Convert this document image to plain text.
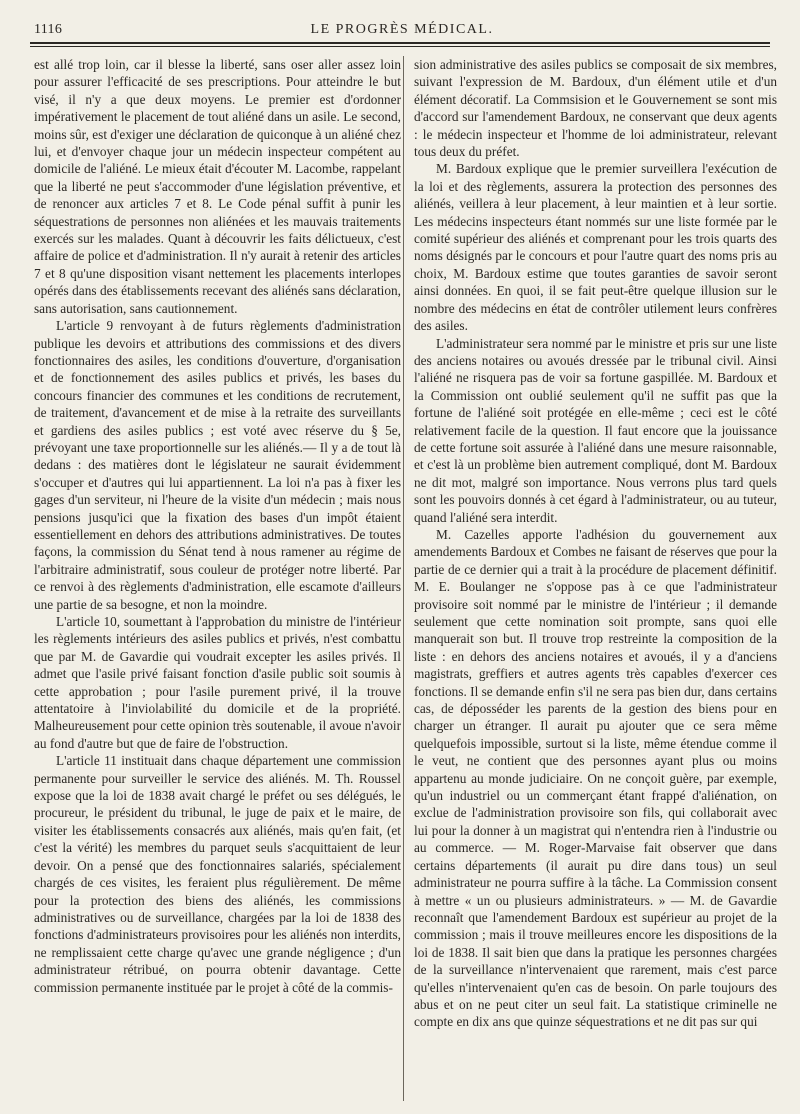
1116	LE PROGRÈS MÉDICAL.

est allé trop loin, car il blesse la liberté, sans oser aller assez loin pour assurer l'efficacité de ses prescriptions. Pour atteindre le but visé, il n'y a que deux moyens. Le premier est d'ordonner impérativement le placement de tout aliéné dans un asile. Le second, moins sûr, est d'exiger une déclaration de quiconque à un aliéné chez lui, et d'envoyer chaque jour un médecin inspecteur compétent au domicile de l'aliéné. Le mieux était d'écouter M. Lacombe, rappelant que la liberté ne peut s'accommoder d'une législation préventive, et de renoncer aux articles 7 et 8. Le Code pénal suffit à punir les séquestrations de personnes non aliénées et les mauvais traitements exercés sur les malades. Quant à découvrir les faits délictueux, c'est affaire de police et d'administration. Il n'y aurait à retenir des articles 7 et 8 qu'une disposition visant nettement les placements interlopes opérés dans des établissements recevant des aliénés sans déclaration, sans autorisation, sans cautionnement.

L'article 9 renvoyant à de futurs règlements d'administration publique les devoirs et attributions des commissions et des divers fonctionnaires des asiles, les conditions d'ouverture, d'organisation et de fonctionnement des asiles publics et privés, les bases du concours financier des communes et les conditions de recrutement, de traitement, d'avancement et de mise à la retraite des surveillants et gardiens des asiles publics ; est voté avec réserve du § 5e, prévoyant une taxe proportionnelle sur les aliénés.— Il y a de tout là dedans : des matières dont le législateur ne saurait évidemment s'occuper et d'autres qui lui appartiennent. La loi n'a pas à fixer les gages d'un serviteur, ni l'heure de la visite d'un médecin ; mais nous pensions jusqu'ici que la fixation des bases d'un impôt étaient essentiellement en dehors des attributions administratives. De toutes façons, la commission du Sénat tend à nous ramener au régime de l'arbitraire administratif, sous couleur de protéger notre liberté. Par ce renvoi à des règlements d'administration, elle escamote d'ailleurs une partie de sa besogne, et non la moindre.

L'article 10, soumettant à l'approbation du ministre de l'intérieur les règlements intérieurs des asiles publics et privés, n'est combattu que par M. de Gavardie qui voudrait excepter les asiles privés. Il admet que l'asile privé faisant fonction d'asile public soit soumis à cette approbation ; pour l'asile purement privé, il la trouve attentatoire à l'inviolabilité du domicile et de la propriété. Malheureusement pour cette opinion très soutenable, il avoue n'avoir au fond d'autre but que de faire de l'obstruction.

L'article 11 instituait dans chaque département une commission permanente pour surveiller le service des aliénés. M. Th. Roussel expose que la loi de 1838 avait chargé le préfet ou ses délégués, le procureur, le président du tribunal, le juge de paix et le maire, de visiter les établissements consacrés aux aliénés, mais qu'en fait, (et c'est la vérité) les membres du parquet seuls s'acquittaient de leur devoir. On a pensé que des fonctionnaires salariés, spécialement chargés de ces visites, les feraient plus régulièrement. De même pour la protection des biens des aliénés, les commissions administratives ou de surveillance, chargées par la loi de 1838 des fonctions d'administrateurs provisoires pour les aliénés non interdits, ne remplissaient cette charge qu'avec une grande négligence ; d'un administrateur rétribué, on pourra obtenir davantage. Cette commission permanente instituée par le projet à côté de la commis-

sion administrative des asiles publics se composait de six membres, suivant l'expression de M. Bardoux, d'un élément utile et d'un élément décoratif. La Commsision et le Gouvernement se sont mis d'accord sur l'amendement Bardoux, ne conservant que deux agents : le médecin inspecteur et l'homme de loi administrateur, relevant tous deux du préfet.

M. Bardoux explique que le premier surveillera l'exécution de la loi et des règlements, assurera la protection des personnes des aliénés, veillera à leur placement, à leur maintien et à leur sortie. Les médecins inspecteurs étant nommés sur une liste formée par le comité supérieur des aliénés et comprenant pour les trois quarts des noms désignés par le concours et pour l'autre quart des noms pris au choix, M. Bardoux estime que toutes garanties de savoir seront ainsi données. En quoi, il se fait peut-être quelque illusion sur le nombre des médecins en état de contrôler utilement leurs confrères des asiles.

L'administrateur sera nommé par le ministre et pris sur une liste des anciens notaires ou avoués dressée par le tribunal civil. Ainsi l'aliéné ne risquera pas de voir sa fortune gaspillée. M. Bardoux et la Commission ont oublié seulement qu'il ne suffit pas que la fortune de l'aliéné soit protégée en elle-même ; ceci est le côté relativement facile de la question. Il faut encore que la jouissance de cette fortune soit assurée à l'aliéné dans une mesure raisonnable, et c'est là un problème bien autrement compliqué, dont M. Bardoux ne dit mot, malgré son importance. Nous verrons plus tard quels sont les pouvoirs donnés à cet égard à l'administrateur, ou au tuteur, quand l'aliéné sera interdit.

M. Cazelles apporte l'adhésion du gouvernement aux amendements Bardoux et Combes ne faisant de réserves que pour la partie de ce dernier qui a trait à la procédure de placement définitif. M. E. Boulanger ne s'oppose pas à ce que l'administrateur provisoire soit nommé par le ministre de l'intérieur ; il demande seulement que cette nomination soit prompte, sans quoi elle manquerait son but. Il trouve trop restreinte la composition de la liste : en dehors des anciens notaires et avoués, il y a d'anciens magistrats, greffiers et autres agents très capables d'exercer ces fonctions. Il se demande enfin s'il ne sera pas bien dur, dans certains cas, de déposséder les parents de la gestion des biens pour en charger un étranger. Il aurait pu ajouter que ce sera même quelquefois impossible, surtout si la liste, même étendue comme il le veut, ne contient que des personnes ayant plus ou moins appartenu au monde judiciaire. On ne conçoit guère, par exemple, qu'un industriel ou un commerçant étant frappé d'aliénation, on exclue de l'administration provisoire son fils, qui collaborait avec lui pour la donner à un magistrat qui n'entendra rien à l'industrie ou au commerce. — M. Roger-Marvaise fait observer que dans certains départements (il aurait pu dire dans tous) un seul administrateur ne pourra suffire à la tâche. La Commission consent à mettre « un ou plusieurs administrateurs. » — M. de Gavardie reconnaît que l'amendement Bardoux est supérieur au projet de la commission ; mais il trouve meilleures encore les dispositions de la loi de 1838. Il sait bien que dans la pratique les personnes chargées de la surveillance n'intervenaient que rarement, mais c'est parce qu'elles n'intervenaient qu'en cas de besoin. On parle toujours des abus et on ne peut citer un seul fait. La statistique criminelle ne compte en dix ans que quinze séquestrations et ne dit pas sur qui
